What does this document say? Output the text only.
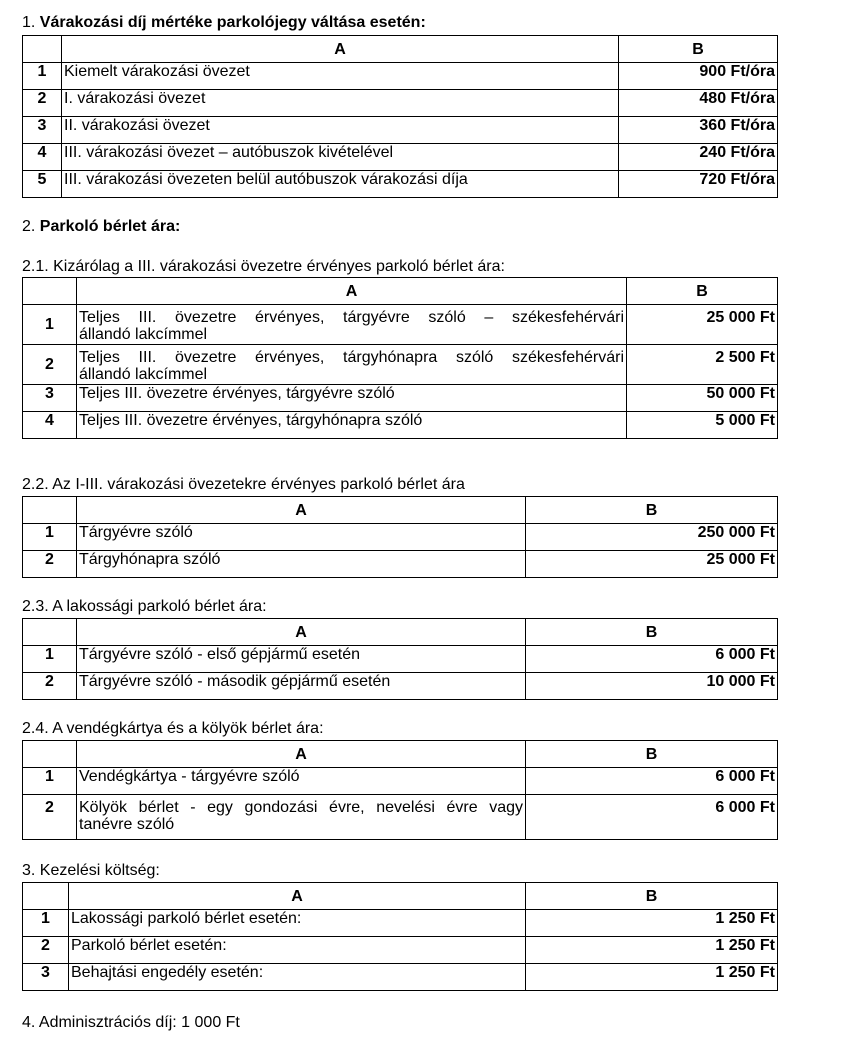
1. Várakozási díj mértéke parkolójegy váltása esetén:
	A	B
1	Kiemelt várakozási övezet	900 Ft/óra
2	I. várakozási övezet	480 Ft/óra
3	II. várakozási övezet	360 Ft/óra
4	III. várakozási övezet – autóbuszok kivételével	240 Ft/óra
5	III. várakozási övezeten belül autóbuszok várakozási díja	720 Ft/óra
2. Parkoló bérlet ára:
2.1. Kizárólag a III. várakozási övezetre érvényes parkoló bérlet ára:
	A	B
1	Teljes III. övezetre érvényes, tárgyévre szóló – székesfehérvári
állandó lakcímmel	25 000 Ft
2	Teljes III. övezetre érvényes, tárgyhónapra szóló székesfehérvári
állandó lakcímmel	2 500 Ft
3	Teljes III. övezetre érvényes, tárgyévre szóló	50 000 Ft
4	Teljes III. övezetre érvényes, tárgyhónapra szóló	5 000 Ft
2.2. Az I-III. várakozási övezetekre érvényes parkoló bérlet ára
	A	B
1	Tárgyévre szóló	250 000 Ft
2	Tárgyhónapra szóló	25 000 Ft
2.3. A lakossági parkoló bérlet ára:
	A	B
1	Tárgyévre szóló - első gépjármű esetén	6 000 Ft
2	Tárgyévre szóló - második gépjármű esetén	10 000 Ft
2.4. A vendégkártya és a kölyök bérlet ára:
	A	B
1	Vendégkártya - tárgyévre szóló	6 000 Ft
2	Kölyök bérlet - egy gondozási évre, nevelési évre vagy
tanévre szóló	6 000 Ft
3. Kezelési költség:
	A	B
1	Lakossági parkoló bérlet esetén:	1 250 Ft
2	Parkoló bérlet esetén:	1 250 Ft
3	Behajtási engedély esetén:	1 250 Ft
4. Adminisztrációs díj: 1 000 Ft
